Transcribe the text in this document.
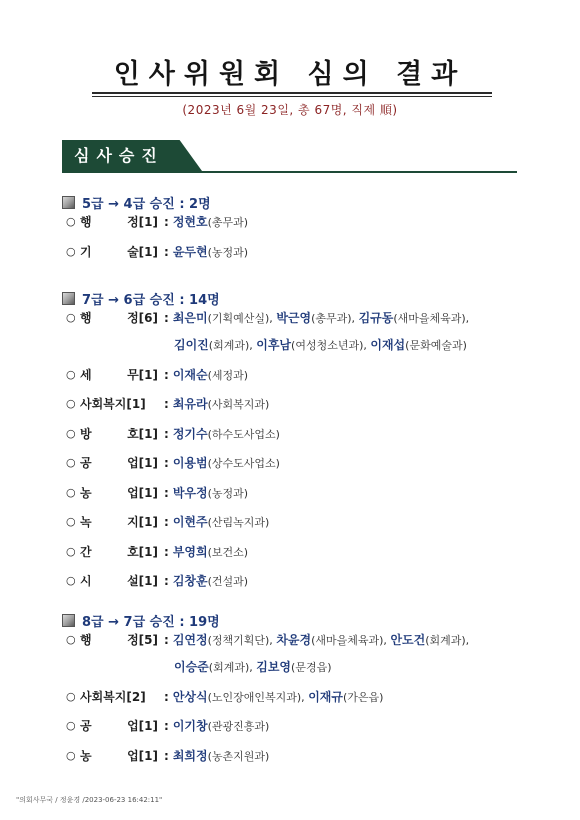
인사위원회 심의 결과
(2023년 6월 23일, 총 67명, 직제 順)
심사승진
5급 → 4급 승진 : 2명
○ 행	정[1] : 정현호(총무과)
○ 기	술[1] : 윤두현(농정과)
7급 → 6급 승진 : 14명
○ 행	정[6] : 최은미(기획예산실), 박근영(총무과), 김규동(새마을체육과),
김이진(회계과), 이후남(여성청소년과), 이재섭(문화예술과)
○ 세	무[1] : 이재순(세정과)
○ 사회복지[1]	: 최유라(사회복지과)
○ 방	호[1] : 정기수(하수도사업소)
○ 공	업[1] : 이용범(상수도사업소)
○ 농	업[1] : 박우정(농정과)
○ 녹	지[1] : 이현주(산림녹지과)
○ 간	호[1] : 부영희(보건소)
○ 시	설[1] : 김창훈(건설과)
8급 → 7급 승진 : 19명
○ 행	정[5] : 김연정(정책기획단), 차윤경(새마을체육과), 안도건(회계과),
이승준(회계과), 김보영(문경읍)
○ 사회복지[2]	: 안상식(노인장애인복지과), 이재규(가은읍)
○ 공	업[1] : 이기창(관광진흥과)
○ 농	업[1] : 최희정(농촌지원과)
"의회사무국 / 정윤경 /2023-06-23 16:42:11"
